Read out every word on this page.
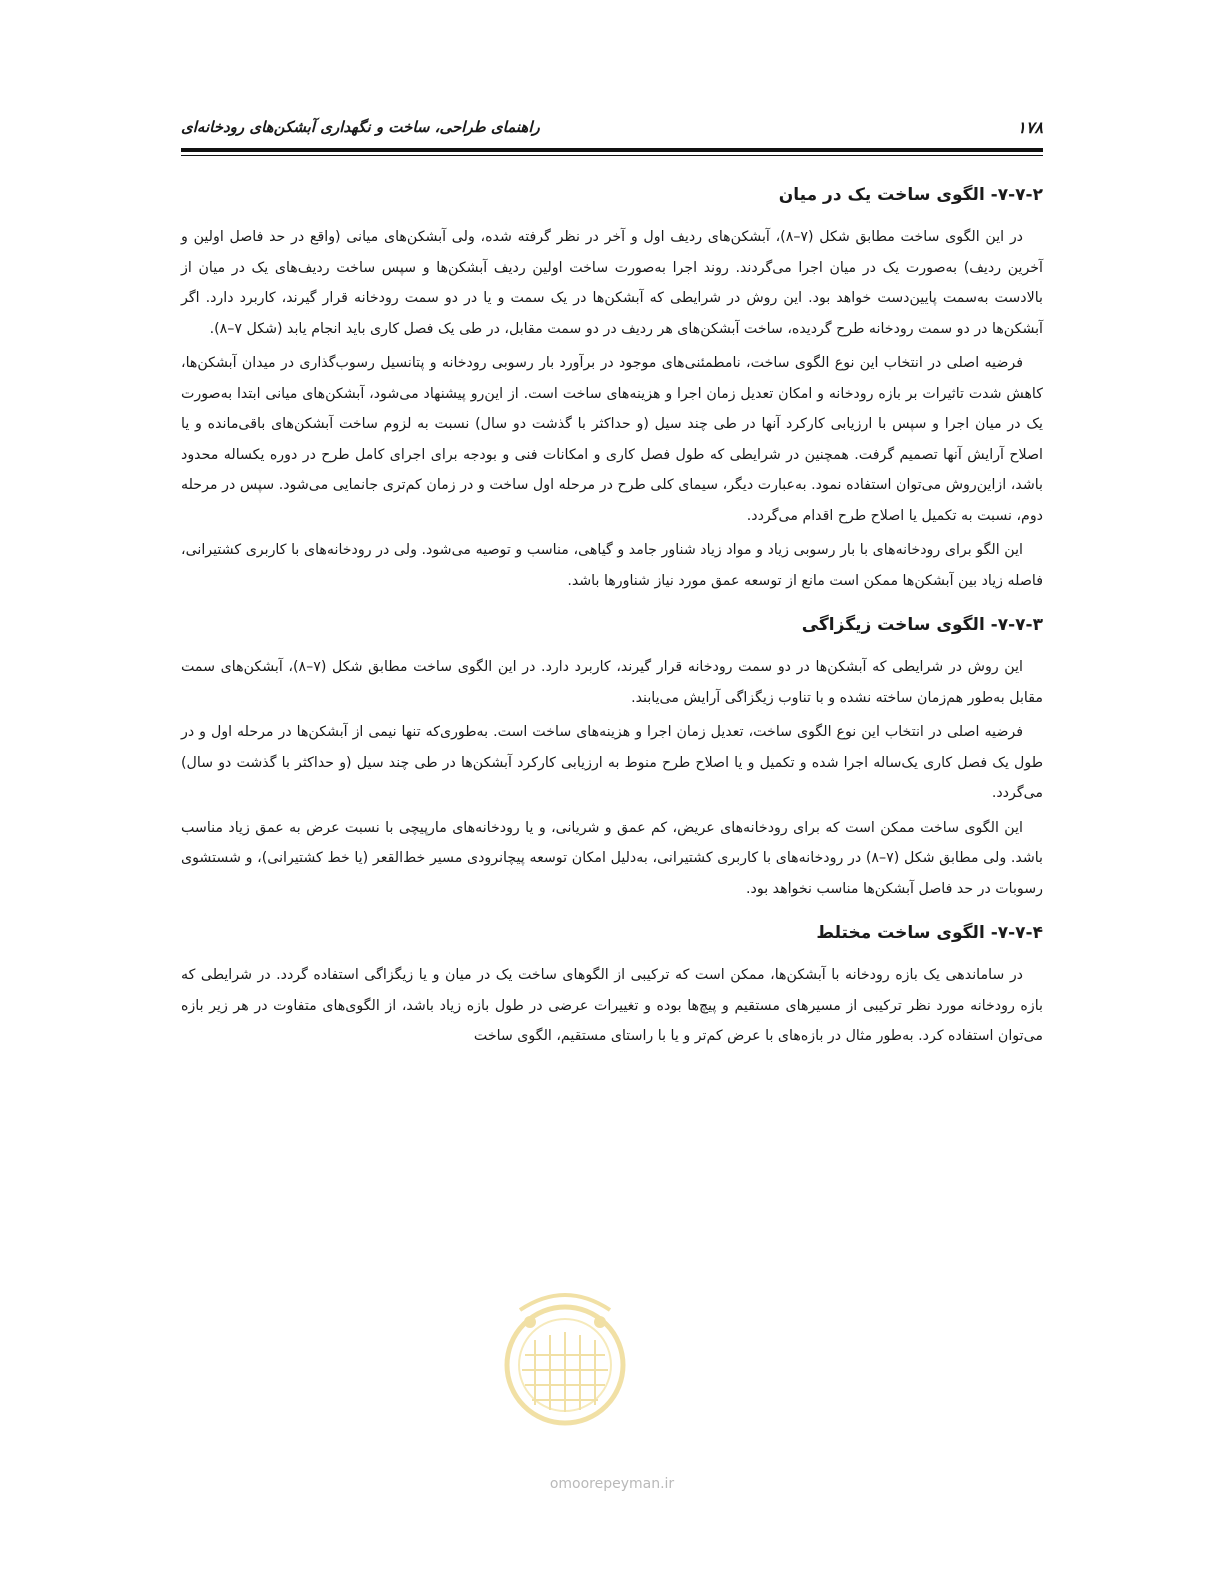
راهنمای طراحی، ساخت و نگهداری آبشکن‌های رودخانه‌ای	۱۷۸
۷-۷-۲- الگوی ساخت یک در میان

در این الگوی ساخت مطابق شکل (۷–۸)، آبشکن‌های ردیف اول و آخر در نظر گرفته شده، ولی آبشکن‌های میانی (واقع در حد فاصل اولین و آخرین ردیف) به‌صورت یک در میان اجرا می‌گردند. روند اجرا به‌صورت ساخت اولین ردیف آبشکن‌ها و سپس ساخت ردیف‌های یک در میان از بالادست به‌سمت پایین‌دست خواهد بود. این روش در شرایطی که آبشکن‌ها در یک سمت و یا در دو سمت رودخانه قرار گیرند، کاربرد دارد. اگر آبشکن‌ها در دو سمت رودخانه طرح گردیده، ساخت آبشکن‌های هر ردیف در دو سمت مقابل، در طی یک فصل کاری باید انجام یابد (شکل ۷–۸).

فرضیه اصلی در انتخاب این نوع الگوی ساخت، نامطمئنی‌های موجود در برآورد بار رسوبی رودخانه و پتانسیل رسوب‌گذاری در میدان آبشکن‌ها، کاهش شدت تاثیرات بر بازه رودخانه و امکان تعدیل زمان اجرا و هزینه‌های ساخت است. از این‌رو پیشنهاد می‌شود، آبشکن‌های میانی ابتدا به‌صورت یک در میان اجرا و سپس با ارزیابی کارکرد آنها در طی چند سیل (و حداکثر با گذشت دو سال) نسبت به لزوم ساخت آبشکن‌های باقی‌مانده و یا اصلاح آرایش آنها تصمیم گرفت. همچنین در شرایطی که طول فصل کاری و امکانات فنی و بودجه برای اجرای کامل طرح در دوره یکساله محدود باشد، ازاین‌روش می‌توان استفاده نمود. به‌عبارت دیگر، سیمای کلی طرح در مرحله اول ساخت و در زمان کم‌تری جانمایی می‌شود. سپس در مرحله دوم، نسبت به تکمیل یا اصلاح طرح اقدام می‌گردد.

این الگو برای رودخانه‌های با بار رسوبی زیاد و مواد زیاد شناور جامد و گیاهی، مناسب و توصیه می‌شود. ولی در رودخانه‌های با کاربری کشتیرانی، فاصله زیاد بین آبشکن‌ها ممکن است مانع از توسعه عمق مورد نیاز شناورها باشد.

۷-۷-۳- الگوی ساخت زیگزاگی

این روش در شرایطی که آبشکن‌ها در دو سمت رودخانه قرار گیرند، کاربرد دارد. در این الگوی ساخت مطابق شکل (۷–۸)، آبشکن‌های سمت مقابل به‌طور هم‌زمان ساخته نشده و با تناوب زیگزاگی آرایش می‌یابند.

فرضیه اصلی در انتخاب این نوع الگوی ساخت، تعدیل زمان اجرا و هزینه‌های ساخت است. به‌طوری‌که تنها نیمی از آبشکن‌ها در مرحله اول و در طول یک فصل کاری یک‌ساله اجرا شده و تکمیل و یا اصلاح طرح منوط به ارزیابی کارکرد آبشکن‌ها در طی چند سیل (و حداکثر با گذشت دو سال) می‌گردد.

این الگوی ساخت ممکن است که برای رودخانه‌های عریض، کم عمق و شریانی، و یا رودخانه‌های مارپیچی با نسبت عرض به عمق زیاد مناسب باشد. ولی مطابق شکل (۷–۸) در رودخانه‌های با کاربری کشتیرانی، به‌دلیل امکان توسعه پیچانرودی مسیر خط‌القعر (یا خط کشتیرانی)، و شستشوی رسوبات در حد فاصل آبشکن‌ها مناسب نخواهد بود.

۷-۷-۴- الگوی ساخت مختلط

در ساماندهی یک بازه رودخانه با آبشکن‌ها، ممکن است که ترکیبی از الگوهای ساخت یک در میان و یا زیگزاگی استفاده گردد. در شرایطی که بازه رودخانه مورد نظر ترکیبی از مسیرهای مستقیم و پیچ‌ها بوده و تغییرات عرضی در طول بازه زیاد باشد، از الگوی‌های متفاوت در هر زیر بازه می‌توان استفاده کرد. به‌طور مثال در بازه‌های با عرض کم‌تر و یا با راستای مستقیم، الگوی ساخت

omoorepeyman.ir
